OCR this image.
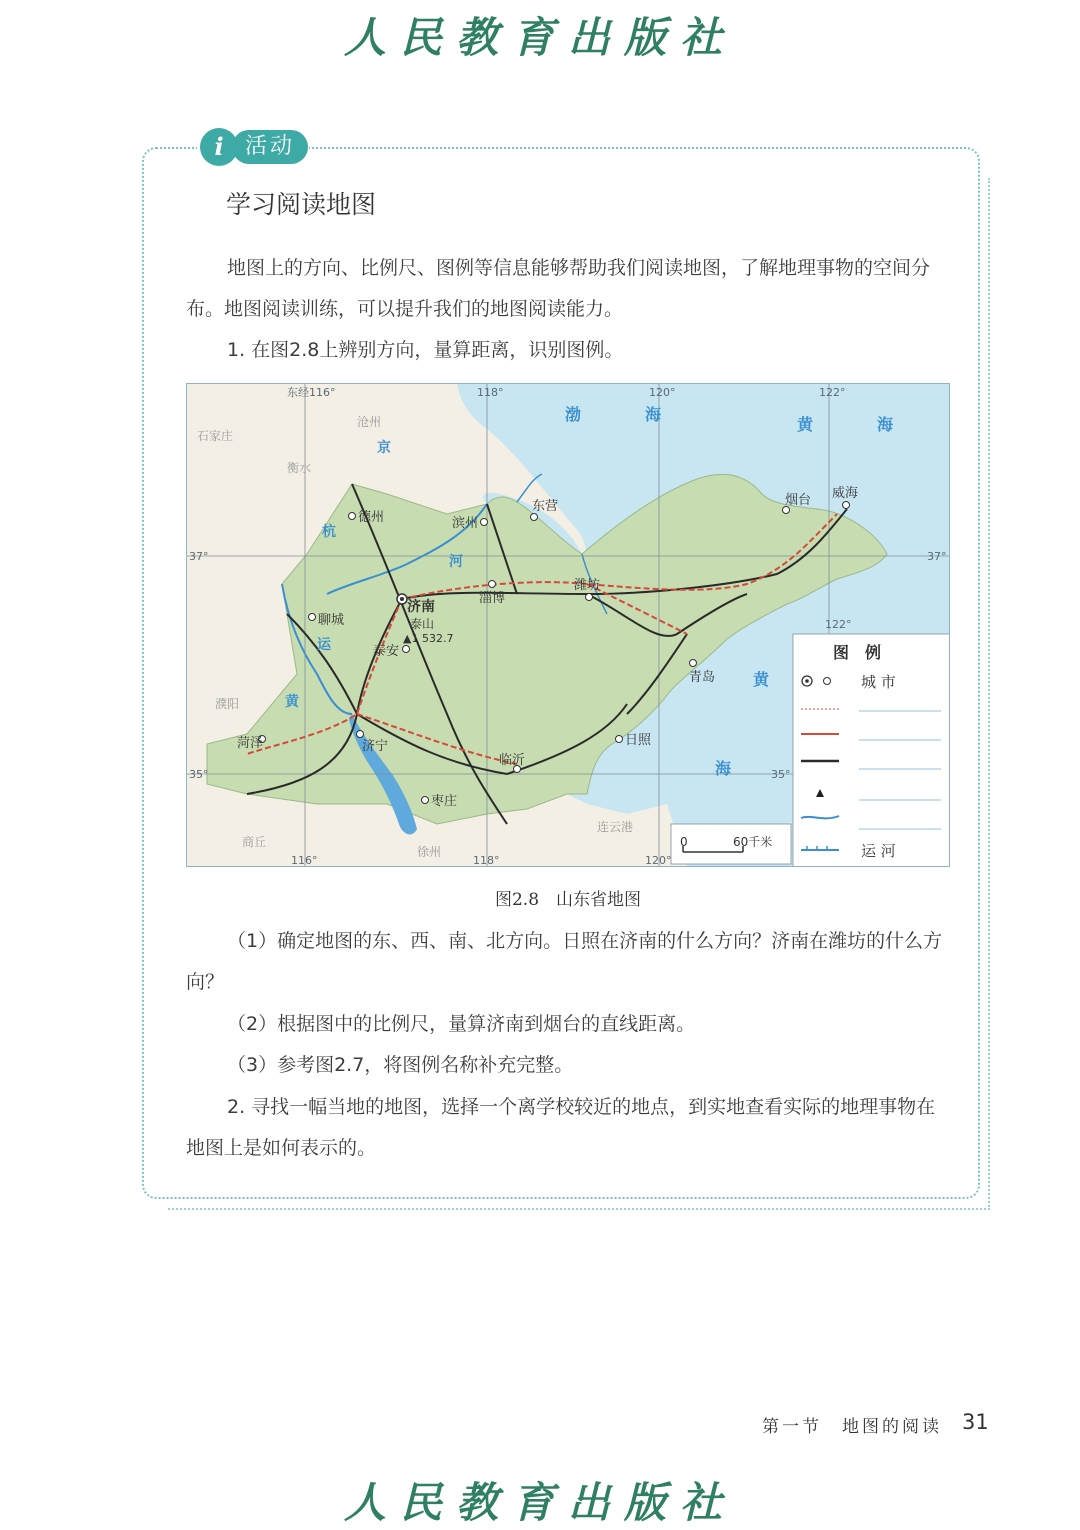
人民教育出版社
i 活动
学习阅读地图

地图上的方向、比例尺、图例等信息能够帮助我们阅读地图，了解地理事物的空间分布。地图阅读训练，可以提升我们的地图阅读能力。

1. 在图2.8上辨别方向，量算距离，识别图例。

德州	滨州
东营
淄博
潍坊
烟台 威海
聊城
泰安
青岛
日照
济宁
菏泽
临沂
枣庄
济南
泰山
▲1 532.7
石家庄
衡水
沧州
濮阳
商丘
连云港
徐州
渤	海
黄	海
黄
海
京
杭
运
河
黄
东经116°	118°	120°	122°
116°	118°	120°
37°
35°
37°
35°
122°
0	60千米
图　例
城 市
运 河
图2.8　山东省地图

（1）确定地图的东、西、南、北方向。日照在济南的什么方向？济南在潍坊的什么方向？

（2）根据图中的比例尺，量算济南到烟台的直线距离。

（3）参考图2.7，将图例名称补充完整。

2. 寻找一幅当地的地图，选择一个离学校较近的地点，到实地查看实际的地理事物在地图上是如何表示的。

第一节　地图的阅读 31
人民教育出版社
